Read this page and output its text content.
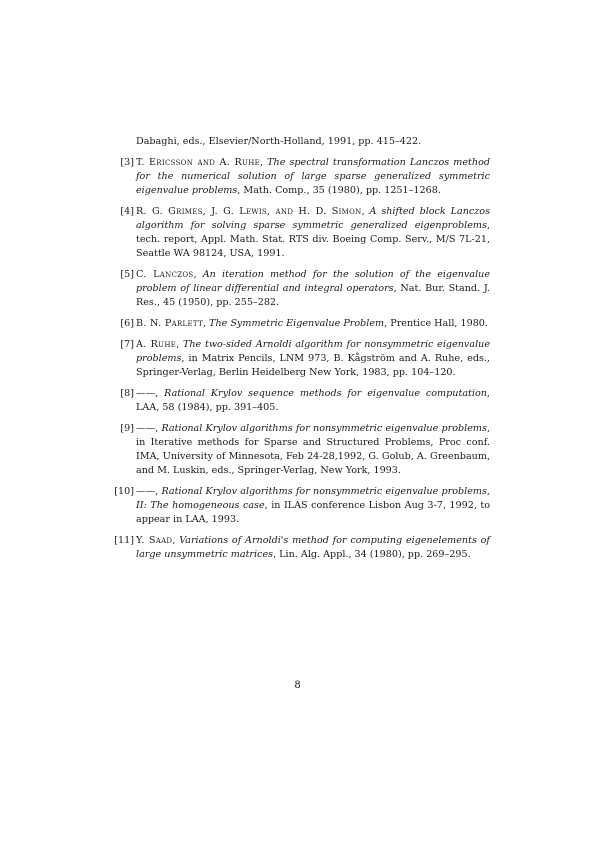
Dabaghi, eds., Elsevier/North-Holland, 1991, pp. 415–422.
[3] T. Ericsson and A. Ruhe, The spectral transformation Lanczos method for the numerical solution of large sparse generalized symmetric eigenvalue problems, Math. Comp., 35 (1980), pp. 1251–1268.
[4] R. G. Grimes, J. G. Lewis, and H. D. Simon, A shifted block Lanczos algorithm for solving sparse symmetric generalized eigenproblems, tech. report, Appl. Math. Stat. RTS div. Boeing Comp. Serv., M/S 7L-21, Seattle WA 98124, USA, 1991.
[5] C. Lanczos, An iteration method for the solution of the eigenvalue problem of linear differential and integral operators, Nat. Bur. Stand. J. Res., 45 (1950), pp. 255–282.
[6] B. N. Parlett, The Symmetric Eigenvalue Problem, Prentice Hall, 1980.
[7] A. Ruhe, The two-sided Arnoldi algorithm for nonsymmetric eigenvalue problems, in Matrix Pencils, LNM 973, B. Kågström and A. Ruhe, eds., Springer-Verlag, Berlin Heidelberg New York, 1983, pp. 104–120.
[8] ——, Rational Krylov sequence methods for eigenvalue computation, LAA, 58 (1984), pp. 391–405.
[9] ——, Rational Krylov algorithms for nonsymmetric eigenvalue problems, in Iterative methods for Sparse and Structured Problems, Proc conf. IMA, University of Minnesota, Feb 24-28,1992, G. Golub, A. Greenbaum, and M. Luskin, eds., Springer-Verlag, New York, 1993.
[10] ——, Rational Krylov algorithms for nonsymmetric eigenvalue problems, II: The homogeneous case, in ILAS conference Lisbon Aug 3-7, 1992, to appear in LAA, 1993.
[11] Y. Saad, Variations of Arnoldi's method for computing eigenelements of large unsymmetric matrices, Lin. Alg. Appl., 34 (1980), pp. 269–295.
8
